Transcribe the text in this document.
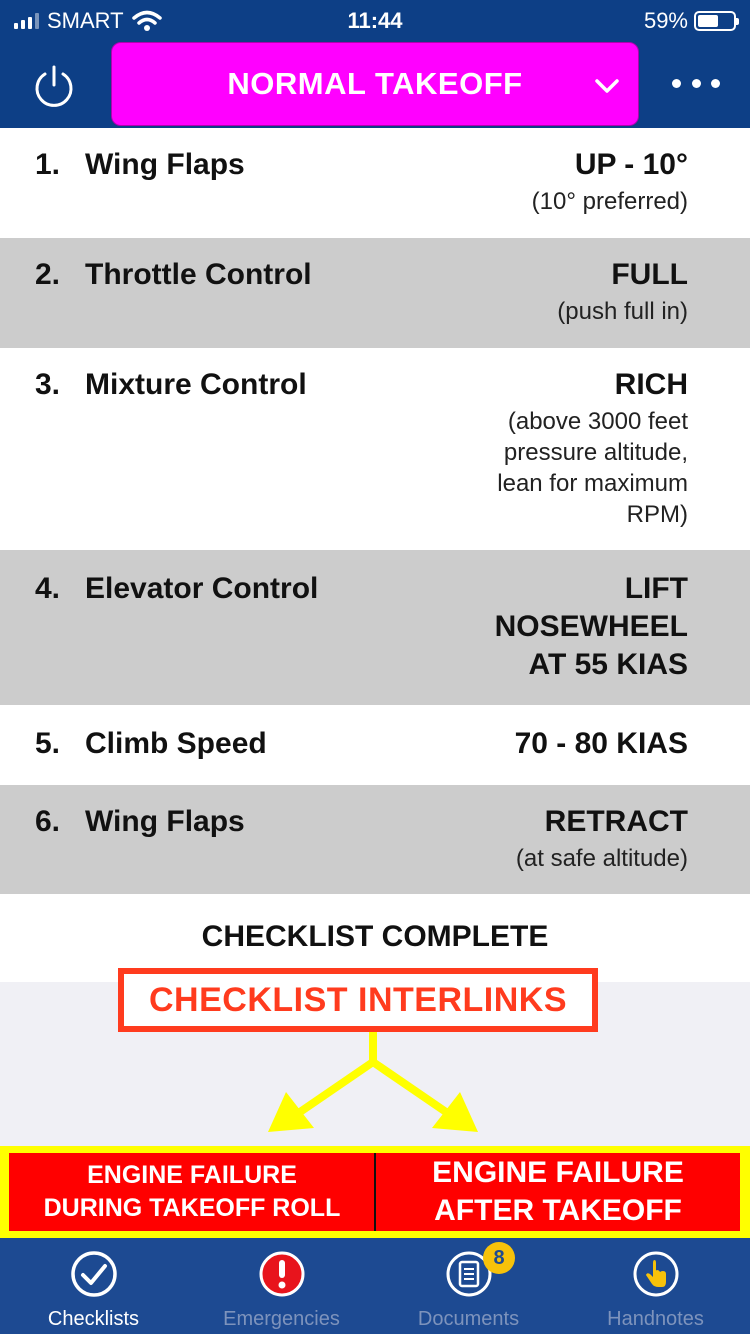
SMART	11:44	59%
NORMAL TAKEOFF
1. Wing Flaps	UP - 10°
(10° preferred)
2. Throttle Control	FULL
(push full in)
3. Mixture Control	RICH
(above 3000 feet
pressure altitude,
lean for maximum
RPM)
4. Elevator Control	LIFT
NOSEWHEEL
AT 55 KIAS
5. Climb Speed	70 - 80 KIAS
6. Wing Flaps	RETRACT
(at safe altitude)
CHECKLIST COMPLETE
CHECKLIST INTERLINKS
ENGINE FAILURE
DURING TAKEOFF ROLL
ENGINE FAILURE
AFTER TAKEOFF
Checklists	Emergencies
8
Documents	Handnotes
